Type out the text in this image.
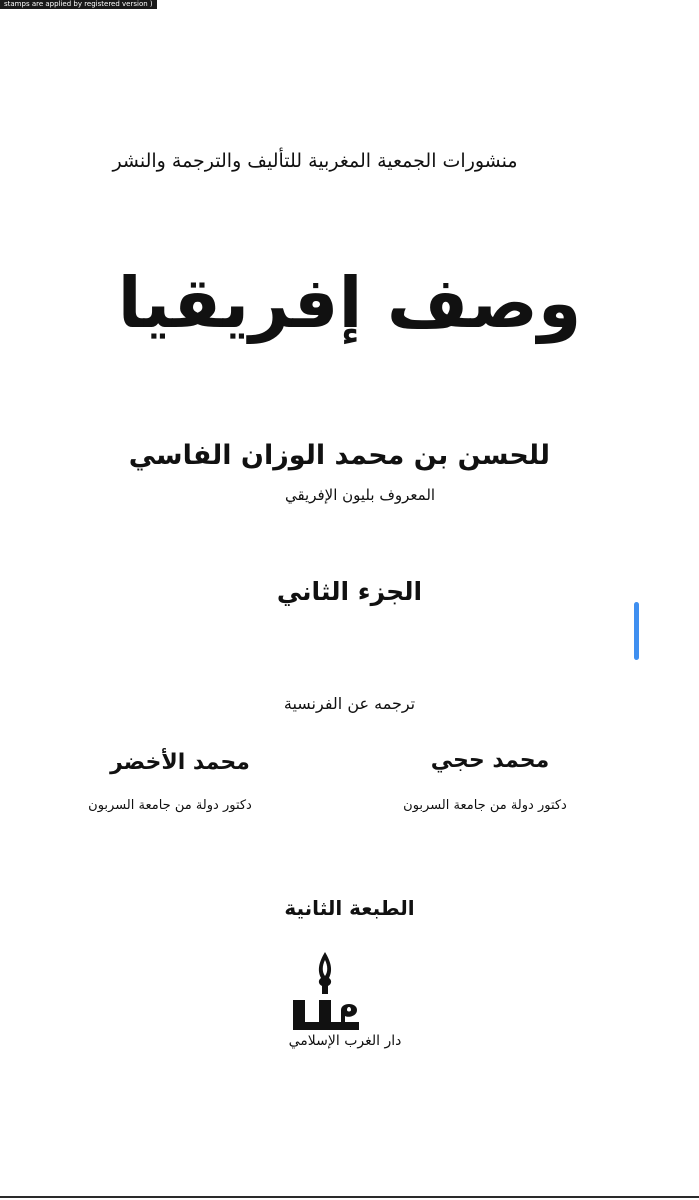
stamps are applied by registered version )
منشورات الجمعية المغربية للتأليف والترجمة والنشر
وصف إفريقيا
للحسن بن محمد الوزان الفاسي
المعروف بليون الإفريقي
الجزء الثاني
ترجمه عن الفرنسية
محمد حجي
دكتور دولة من جامعة السربون
محمد الأخضر
دكتور دولة من جامعة السربون
الطبعة الثانية
دار الغرب الإسلامي
